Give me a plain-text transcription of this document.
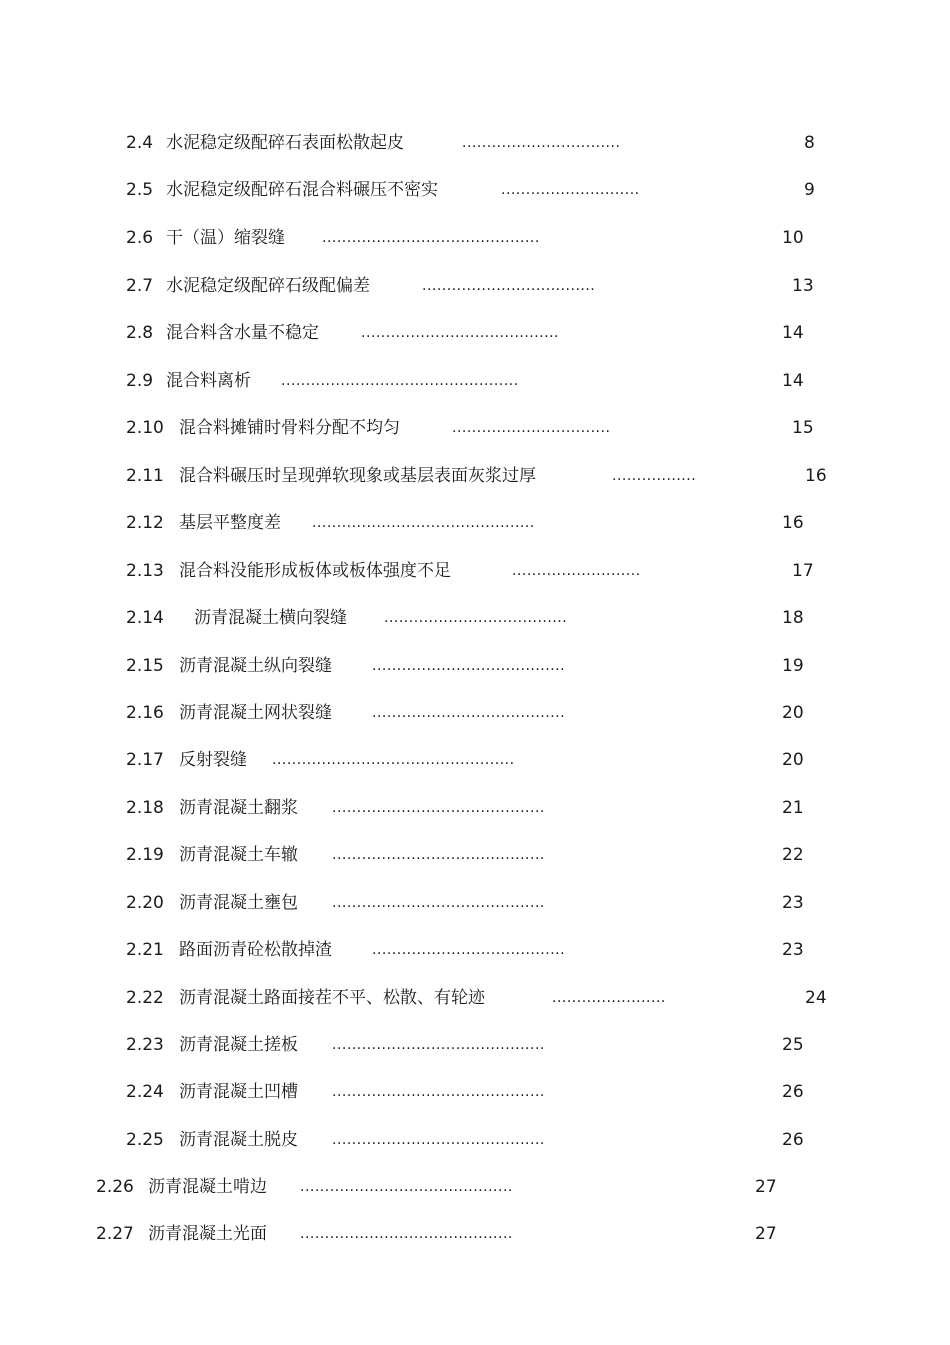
2.4 水泥稳定级配碎石表面松散起皮	................................	8
2.5 水泥稳定级配碎石混合料碾压不密实	............................	9
2.6 干（温）缩裂缝	............................................	10
2.7 水泥稳定级配碎石级配偏差	...................................	13
2.8 混合料含水量不稳定	........................................	14
2.9 混合料离析 ................................................	14
2.10 混合料摊铺时骨料分配不均匀	................................	15
2.11 混合料碾压时呈现弹软现象或基层表面灰浆过厚	.................	16
2.12 基层平整度差 .............................................	16
2.13 混合料没能形成板体或板体强度不足	..........................	17
2.14 沥青混凝土横向裂缝	.....................................	18
2.15 沥青混凝土纵向裂缝	.......................................	19
2.16 沥青混凝土网状裂缝	.......................................	20
2.17 反射裂缝 .................................................	20
2.18 沥青混凝土翻浆 ...........................................	21
2.19 沥青混凝土车辙 ...........................................	22
2.20 沥青混凝土壅包 ...........................................	23
2.21 路面沥青砼松散掉渣	.......................................	23
2.22 沥青混凝土路面接茬不平、松散、有轮迹	.......................	24
2.23 沥青混凝土搓板 ...........................................	25
2.24 沥青混凝土凹槽 ...........................................	26
2.25 沥青混凝土脱皮 ...........................................	26
2.26 沥青混凝土啃边 ...........................................	27
2.27 沥青混凝土光面 ...........................................	27
